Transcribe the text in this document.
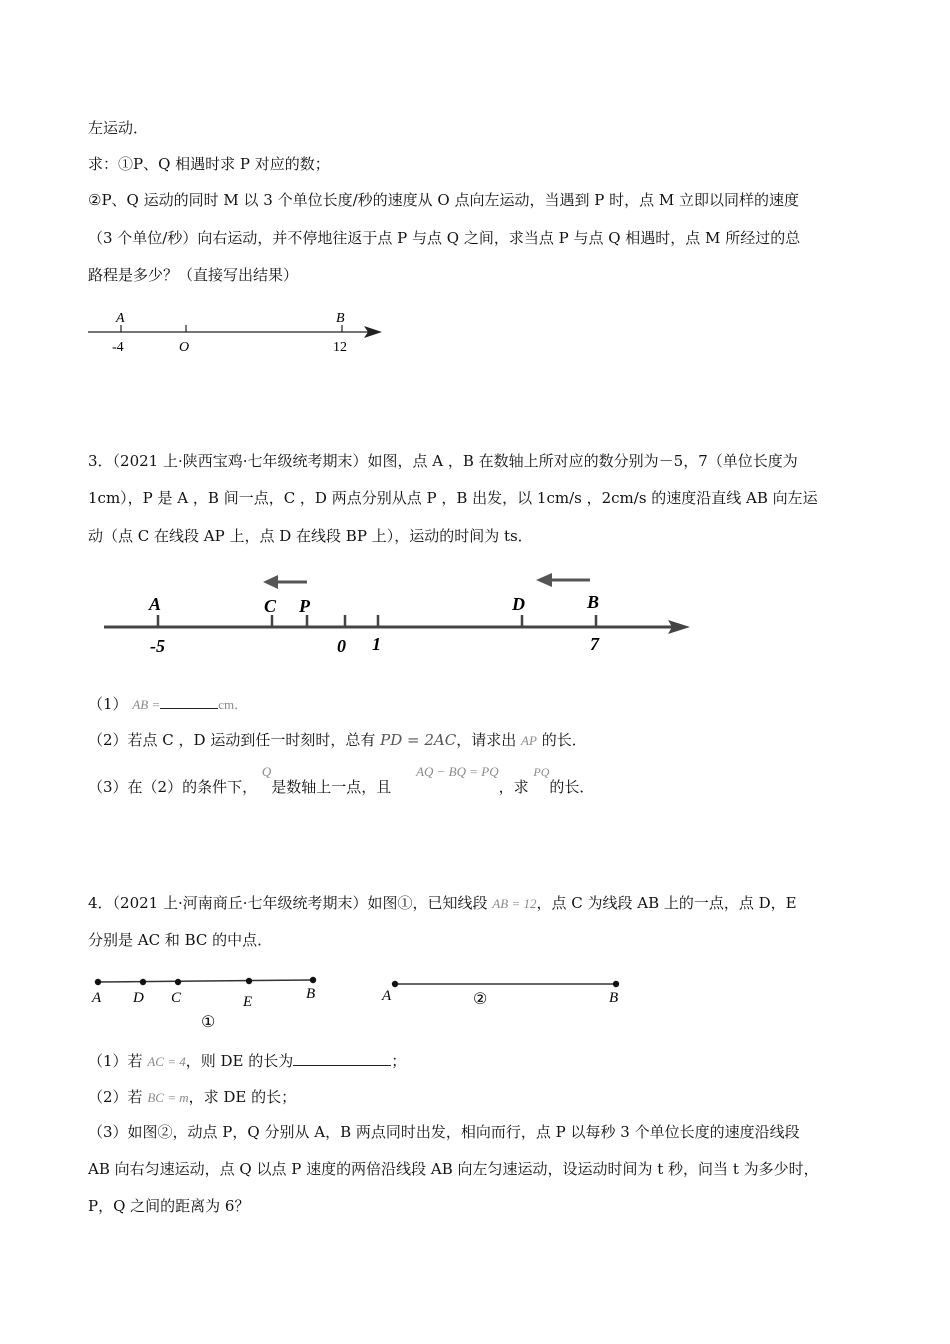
左运动．
求：①P、Q 相遇时求 P 对应的数；
②P、Q 运动的同时 M 以 3 个单位长度/秒的速度从 O 点向左运动，当遇到 P 时，点 M 立即以同样的速度
（3 个单位/秒）向右运动，并不停地往返于点 P 与点 Q 之间，求当点 P 与点 Q 相遇时，点 M 所经过的总
路程是多少？（直接写出结果）
A	B
-4	O	12
3．（2021 上·陕西宝鸡·七年级统考期末）如图，点 A ，B 在数轴上所对应的数分别为－5，7（单位长度为
1cm），P 是 A ，B 间一点，C ，D 两点分别从点 P ，B 出发，以 1cm/s ，2cm/s 的速度沿直线 AB 向左运
动（点 C 在线段 AP 上，点 D 在线段 BP 上），运动的时间为 ts．
A	C P	D	B
-5	0 1	7
（1） AB =	cm．
（2）若点 C ，D 运动到任一时刻时，总有 PD = 2AC，请求出 AP 的长．
（3）在（2）的条件下， Q是数轴上一点，且 AQ − BQ = PQ，求 $^{PQ}$的长．
4．（2021 上·河南商丘·七年级统考期末）如图①，已知线段 AB = 12，点 C 为线段 AB 上的一点，点 D，E
分别是 AC 和 BC 的中点．
A D C	E	B
①
A	B
②
（1）若 AC = 4，则 DE 的长为	；
（2）若 BC = m，求 DE 的长；
（3）如图②，动点 P，Q 分别从 A，B 两点同时出发，相向而行，点 P 以每秒 3 个单位长度的速度沿线段
AB 向右匀速运动，点 Q 以点 P 速度的两倍沿线段 AB 向左匀速运动，设运动时间为 t 秒，问当 t 为多少时，
P，Q 之间的距离为 6？
